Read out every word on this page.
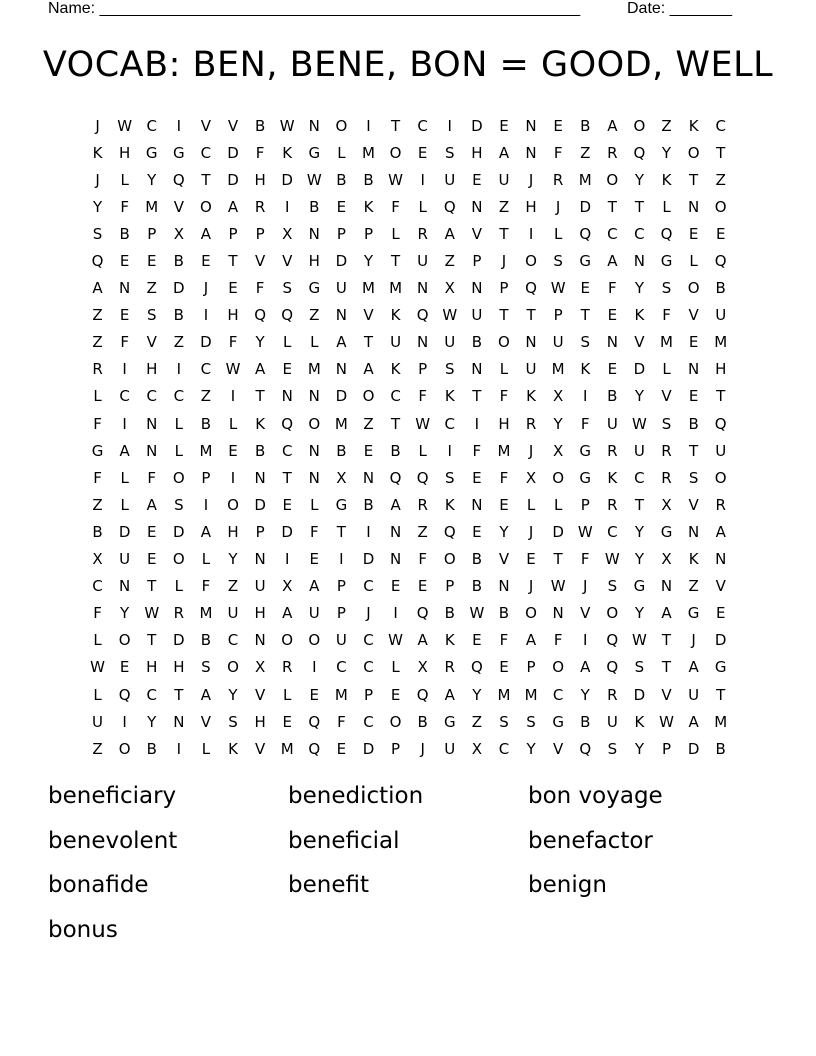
Name: ______________________________________________________	Date: _______
VOCAB: BEN, BENE, BON = GOOD, WELL
J	W C	I	V	V	B W N	O	I	T	C	I	D	E	N	E	B	A	O	Z	K	C
K	H	G	G	C	D	F	K	G	L	M O	E	S	H	A	N	F	Z	R	Q	Y	O	T
J	L	Y	Q	T	D	H	D W B	B W	I	U	E	U	J	R	M O	Y	K	T	Z
Y	F	M	V	O	A	R	I	B	E	K	F	L	Q	N	Z	H	J	D	T	T	L	N	O
S	B	P	X	A	P	P	X	N	P	P	L	R	A	V	T	I	L	Q	C	C	Q	E	E
Q	E	E	B	E	T	V	V	H	D	Y	T	U	Z	P	J	O	S	G	A	N	G	L	Q
A	N	Z	D	J	E	F	S	G	U	M M	N	X	N	P	Q W E	F	Y	S	O	B
Z	E	S	B	I	H	Q	Q	Z	N	V	K	Q W U	T	T	P	T	E	K	F	V	U
Z	F	V	Z	D	F	Y	L	L	A	T	U	N	U	B	O	N	U	S	N	V	M	E	M
R	I	H	I	C W A	E	M	N	A	K	P	S	N	L	U	M	K	E	D	L	N	H
L	C	C	C	Z	I	T	N	N	D	O	C	F	K	T	F	K	X	I	B	Y	V	E	T
F	I	N	L	B	L	K	Q	O M	Z	T	W C	I	H	R	Y	F	U W S	B	Q
G	A	N	L	M	E	B	C	N	B	E	B	L	I	F	M	J	X	G	R	U	R	T	U
F	L	F	O	P	I	N	T	N	X	N	Q	Q	S	E	F	X	O	G	K	C	R	S	O
Z	L	A	S	I	O	D	E	L	G	B	A	R	K	N	E	L	L	P	R	T	X	V	R
B	D	E	D	A	H	P	D	F	T	I	N	Z	Q	E	Y	J	D W C	Y	G	N	A
X	U	E	O	L	Y	N	I	E	I	D	N	F	O	B	V	E	T	F	W	Y	X	K	N
C	N	T	L	F	Z	U	X	A	P	C	E	E	P	B	N	J	W	J	S	G	N	Z	V
F	Y	W R	M	U	H	A	U	P	J	I	Q	B W B	O	N	V	O	Y	A	G	E
L	O	T	D	B	C	N	O	O	U	C W A	K	E	F	A	F	I	Q W	T	J	D
W E	H	H	S	O	X	R	I	C	C	L	X	R	Q	E	P	O	A	Q	S	T	A	G
L	Q	C	T	A	Y	V	L	E	M	P	E	Q	A	Y	M M	C	Y	R	D	V	U	T
U	I	Y	N	V	S	H	E	Q	F	C	O	B	G	Z	S	S	G	B	U	K W A	M
Z	O	B	I	L	K	V	M Q	E	D	P	J	U	X	C	Y	V	Q	S	Y	P	D	B
beneficiary	benediction	bon voyage
benevolent	beneficial	benefactor
bonafide	benefit	benign
bonus
